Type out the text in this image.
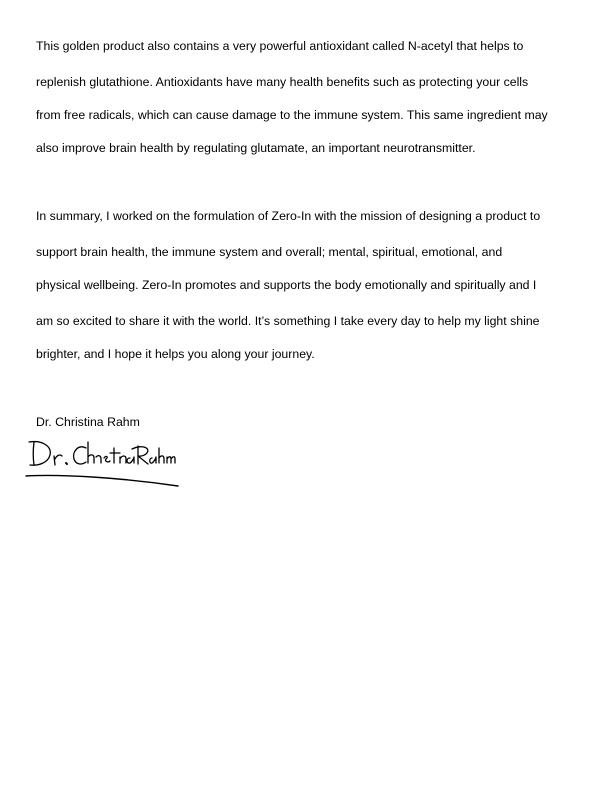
This golden product also contains a very powerful antioxidant called N-acetyl that helps to
replenish glutathione. Antioxidants have many health benefits such as protecting your cells
from free radicals, which can cause damage to the immune system. This same ingredient may
also improve brain health by regulating glutamate, an important neurotransmitter.
In summary, I worked on the formulation of Zero-In with the mission of designing a product to
support brain health, the immune system and overall; mental, spiritual, emotional, and
physical wellbeing. Zero-In promotes and supports the body emotionally and spiritually and I
am so excited to share it with the world. It’s something I take every day to help my light shine
brighter, and I hope it helps you along your journey.
Dr. Christina Rahm
